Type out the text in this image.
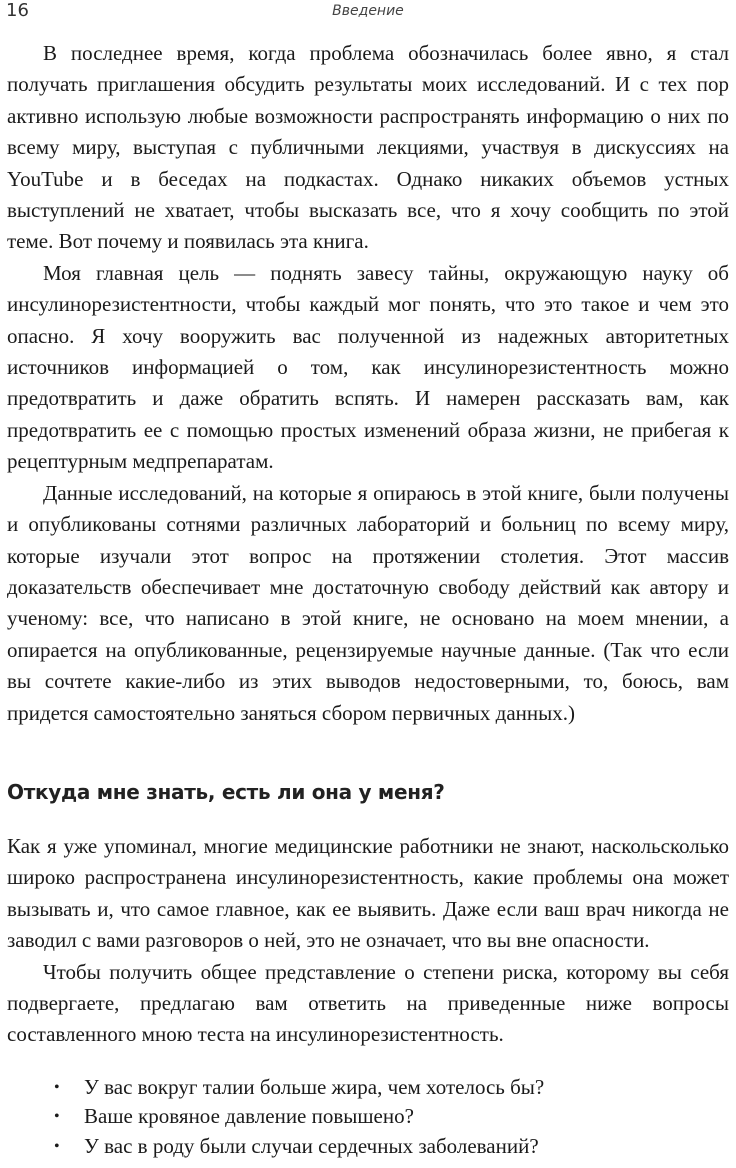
16	Введение

В последнее время, когда проблема обозначилась более явно, я стал получать приглашения обсудить результаты моих исследований. И с тех пор активно использую любые возможности распространять информацию о них по всему миру, выступая с публичными лекциями, участвуя в дискуссиях на YouTube и в беседах на подкастах. Однако никаких объемов устных выступлений не хватает, чтобы высказать все, что я хочу сообщить по этой теме. Вот почему и появилась эта книга.

Моя главная цель — поднять завесу тайны, окружающую науку об инсулинорезистентности, чтобы каждый мог понять, что это такое и чем это опасно. Я хочу вооружить вас полученной из надежных авторитетных источников информацией о том, как инсулинорезистентность можно предотвратить и даже обратить вспять. И намерен рассказать вам, как предотвратить ее с помощью простых изменений образа жизни, не прибегая к рецептурным медпрепаратам.

Данные исследований, на которые я опираюсь в этой книге, были получены и опубликованы сотнями различных лабораторий и больниц по всему миру, которые изучали этот вопрос на протяжении столетия. Этот массив доказательств обеспечивает мне достаточную свободу действий как автору и ученому: все, что написано в этой книге, не основано на моем мнении, а опирается на опубликованные, рецензируемые научные данные. (Так что если вы сочтете какие-либо из этих выводов недостоверными, то, боюсь, вам придется самостоятельно заняться сбором первичных данных.)

Откуда мне знать, есть ли она у меня?

Как я уже упоминал, многие медицинские работники не знают, наскольсколько широко распространена инсулинорезистентность, какие проблемы она может вызывать и, что самое главное, как ее выявить. Даже если ваш врач никогда не заводил с вами разговоров о ней, это не означает, что вы вне опасности.

Чтобы получить общее представление о степени риска, которому вы себя подвергаете, предлагаю вам ответить на приведенные ниже вопросы составленного мною теста на инсулинорезистентность.

• У вас вокруг талии больше жира, чем хотелось бы?
• Ваше кровяное давление повышено?
• У вас в роду были случаи сердечных заболеваний?
